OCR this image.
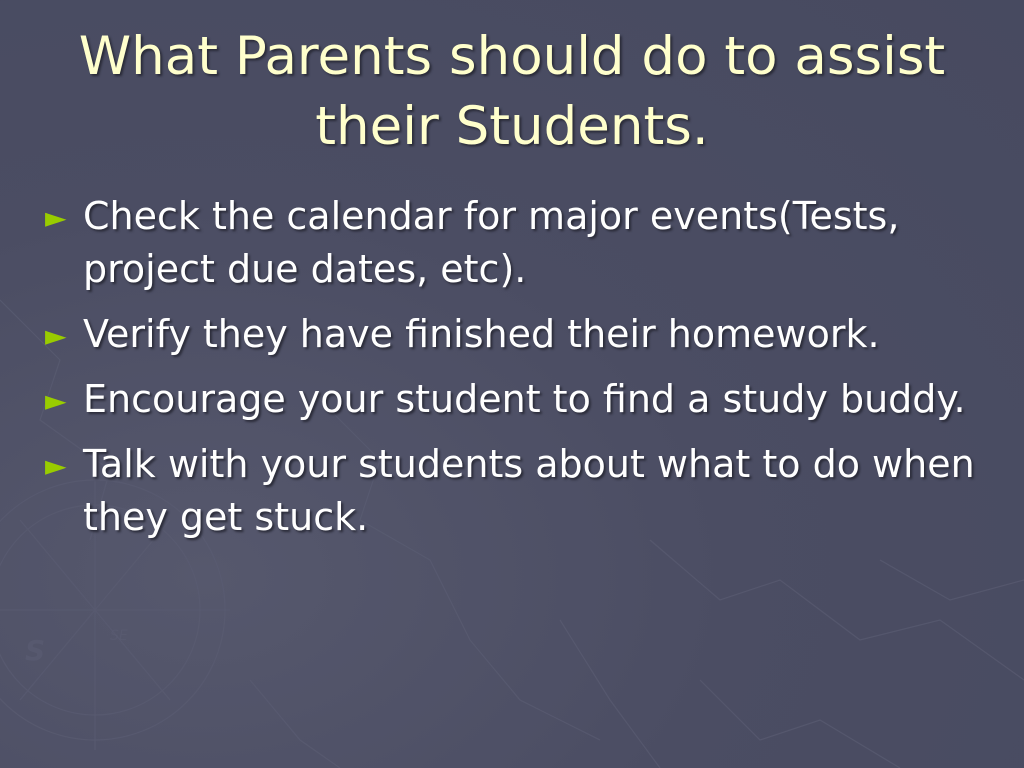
S	SE
What Parents should do to assist their Students.
► Check the calendar for major events(Tests, project due dates, etc).
► Verify they have finished their homework.
► Encourage your student to find a study buddy.
► Talk with your students about what to do when they get stuck.
